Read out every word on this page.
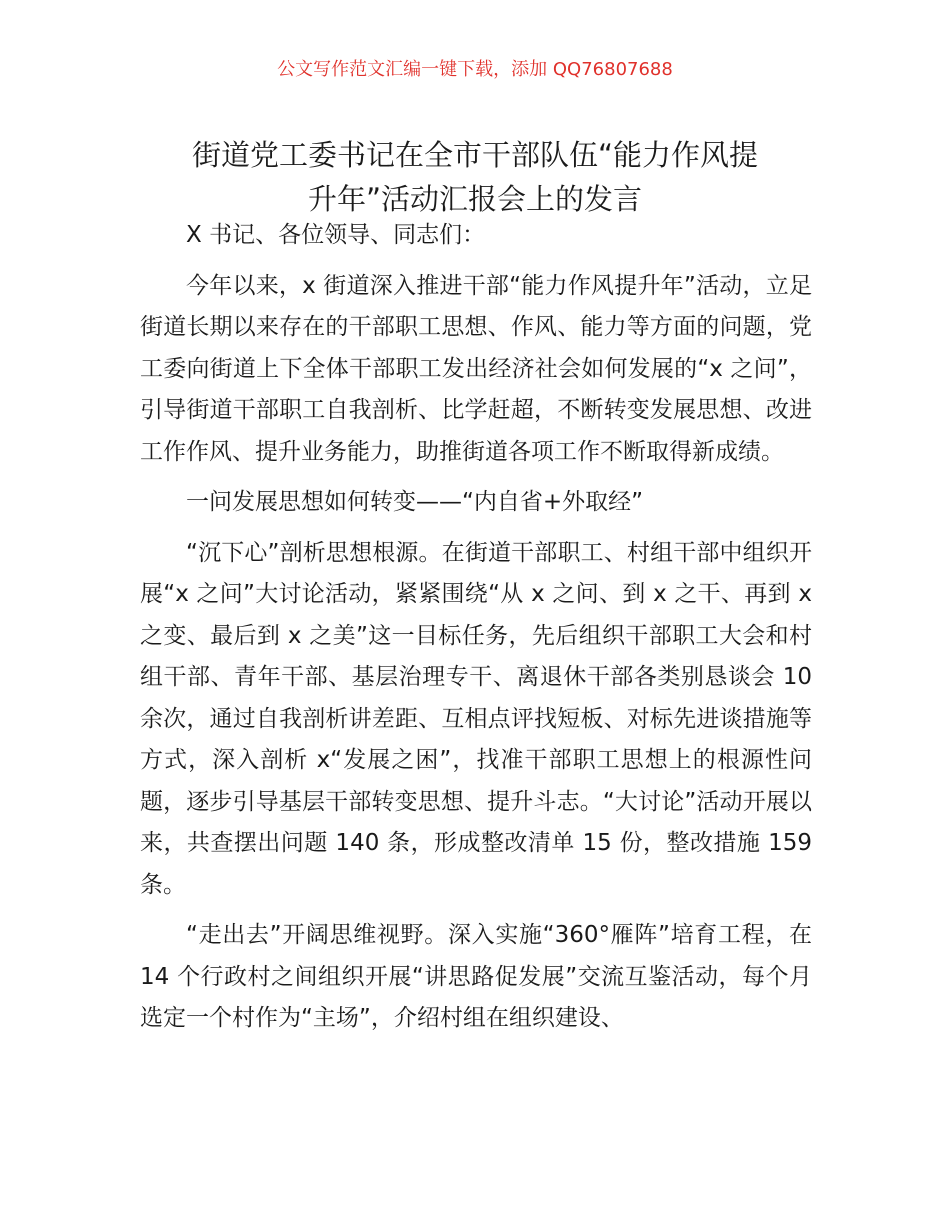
公文写作范文汇编一键下载，添加 QQ76807688
街道党工委书记在全市干部队伍“能力作风提
升年”活动汇报会上的发言

X 书记、各位领导、同志们：

今年以来，x 街道深入推进干部“能力作风提升年”活动，立足街道长期以来存在的干部职工思想、作风、能力等方面的问题，党工委向街道上下全体干部职工发出经济社会如何发展的“x 之问”，引导街道干部职工自我剖析、比学赶超，不断转变发展思想、改进工作作风、提升业务能力，助推街道各项工作不断取得新成绩。

一问发展思想如何转变——“内自省+外取经”

“沉下心”剖析思想根源。在街道干部职工、村组干部中组织开展“x 之问”大讨论活动，紧紧围绕“从 x 之问、到 x 之干、再到 x 之变、最后到 x 之美”这一目标任务，先后组织干部职工大会和村组干部、青年干部、基层治理专干、离退休干部各类别恳谈会 10 余次，通过自我剖析讲差距、互相点评找短板、对标先进谈措施等方式，深入剖析 x“发展之困”，找准干部职工思想上的根源性问题，逐步引导基层干部转变思想、提升斗志。“大讨论”活动开展以来，共查摆出问题 140 条，形成整改清单 15 份，整改措施 159 条。

“走出去”开阔思维视野。深入实施“360°雁阵”培育工程，在 14 个行政村之间组织开展“讲思路促发展”交流互鉴活动，每个月选定一个村作为“主场”，介绍村组在组织建设、
